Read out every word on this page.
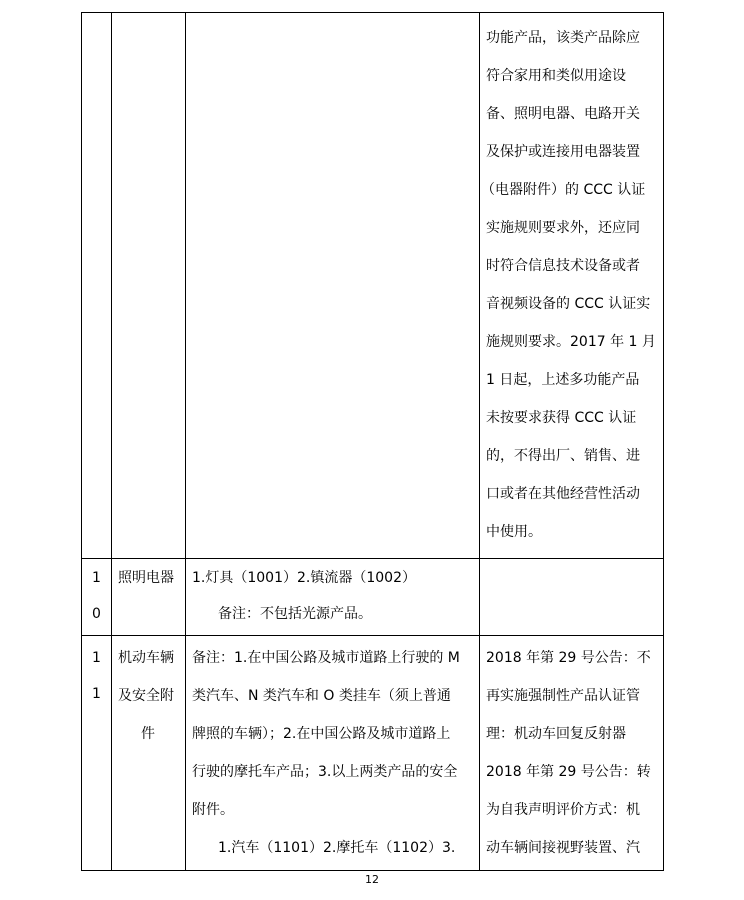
功能产品，该类产品除应
符合家用和类似用途设
备、照明电器、电路开关
及保护或连接用电器装置
（电器附件）的 CCC 认证
实施规则要求外，还应同
时符合信息技术设备或者
音视频设备的 CCC 认证实
施规则要求。2017 年 1 月
1 日起，上述多功能产品
未按要求获得 CCC 认证
的，不得出厂、销售、进
口或者在其他经营性活动
中使用。
1
0
照明电器 1.灯具（1001）2.镇流器（1002）
备注：不包括光源产品。
1
1
机动车辆
及安全附
件
备注：1.在中国公路及城市道路上行驶的 M
类汽车、N 类汽车和 O 类挂车（须上普通
牌照的车辆）；2.在中国公路及城市道路上
行驶的摩托车产品；3.以上两类产品的安全
附件。
1.汽车（1101）2.摩托车（1102）3.
2018 年第 29 号公告：不
再实施强制性产品认证管
理：机动车回复反射器
2018 年第 29 号公告：转
为自我声明评价方式：机
动车辆间接视野装置、汽
12
